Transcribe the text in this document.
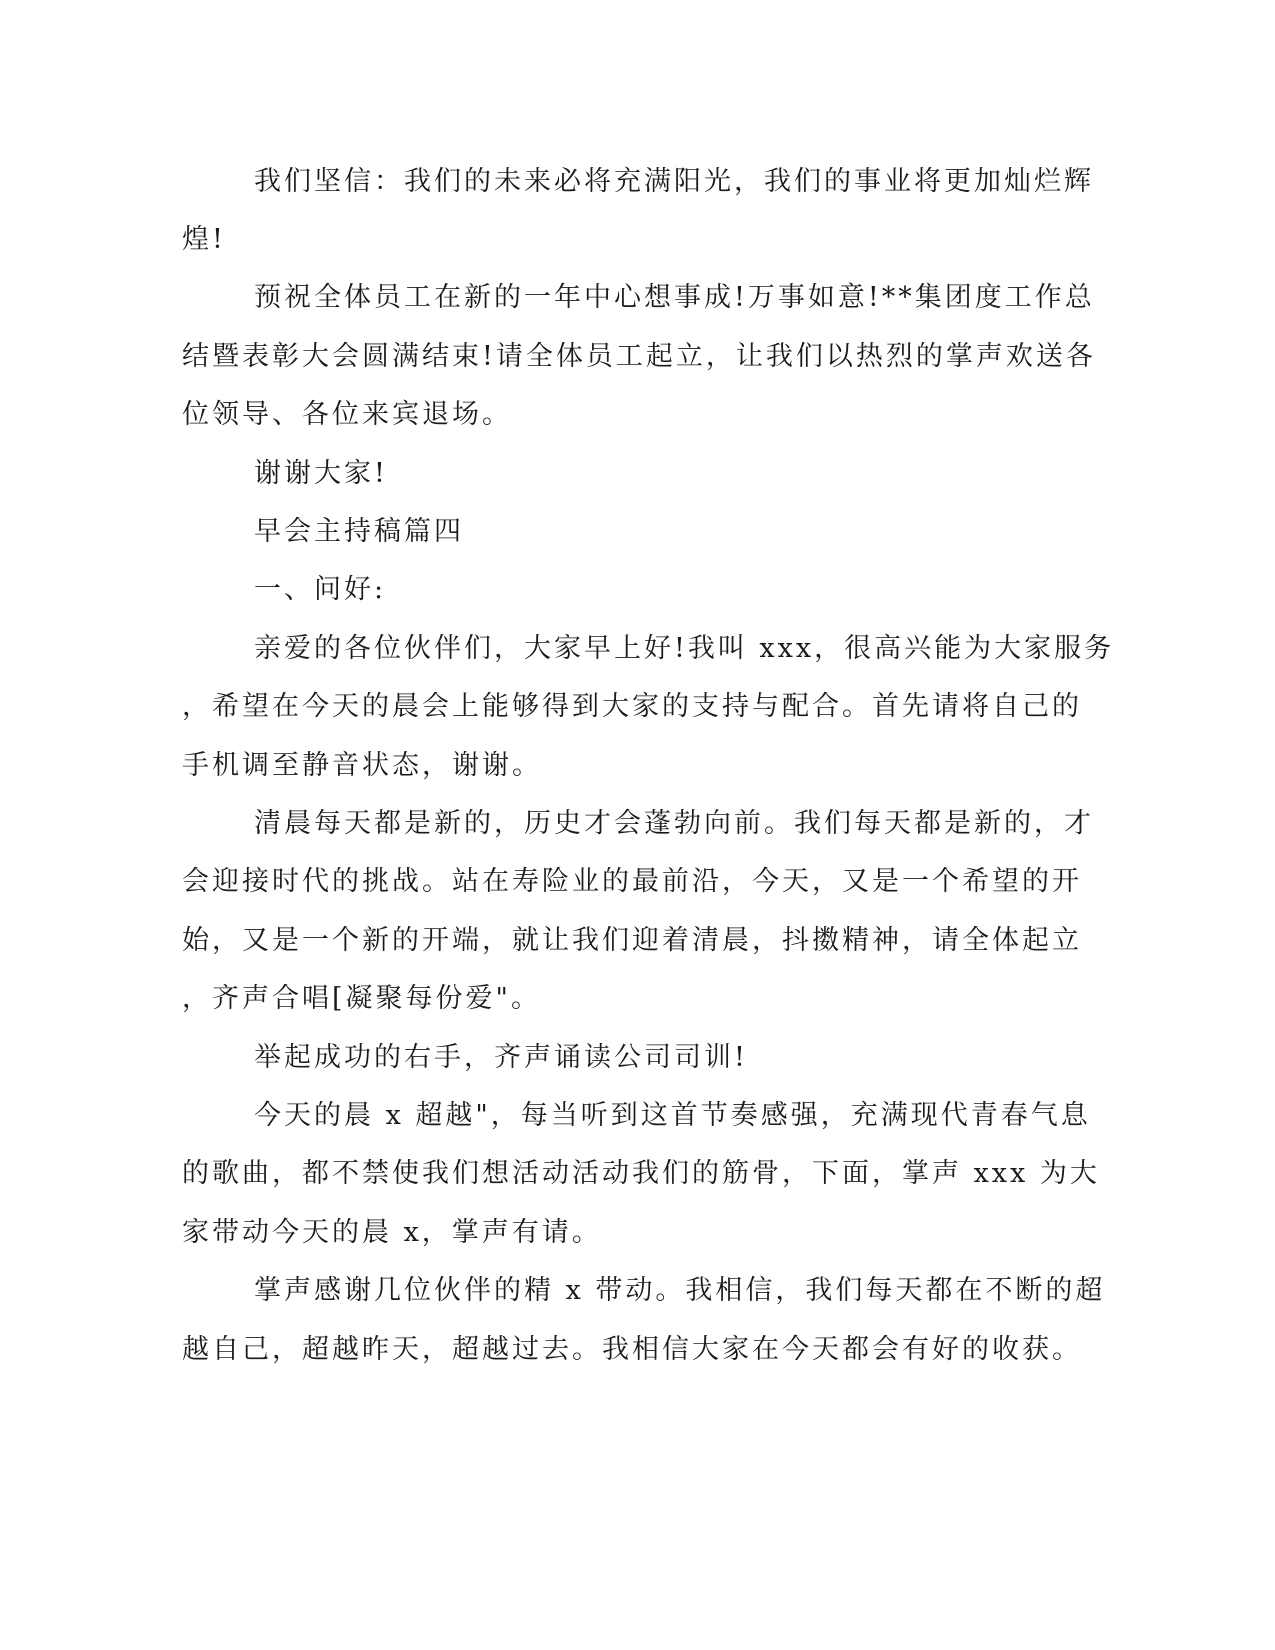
我们坚信：我们的未来必将充满阳光，我们的事业将更加灿烂辉
煌!
预祝全体员工在新的一年中心想事成!万事如意!**集团度工作总
结暨表彰大会圆满结束!请全体员工起立，让我们以热烈的掌声欢送各
位领导、各位来宾退场。
谢谢大家!
早会主持稿篇四
一、问好:
亲爱的各位伙伴们，大家早上好!我叫 xxx，很高兴能为大家服务
，希望在今天的晨会上能够得到大家的支持与配合。首先请将自己的
手机调至静音状态，谢谢。
清晨每天都是新的，历史才会蓬勃向前。我们每天都是新的，才
会迎接时代的挑战。站在寿险业的最前沿，今天，又是一个希望的开
始，又是一个新的开端，就让我们迎着清晨，抖擞精神，请全体起立
，齐声合唱[凝聚每份爱"。
举起成功的右手，齐声诵读公司司训!
今天的晨 x 超越"，每当听到这首节奏感强，充满现代青春气息
的歌曲，都不禁使我们想活动活动我们的筋骨，下面，掌声 xxx 为大
家带动今天的晨 x，掌声有请。
掌声感谢几位伙伴的精 x 带动。我相信，我们每天都在不断的超
越自己，超越昨天，超越过去。我相信大家在今天都会有好的收获。
